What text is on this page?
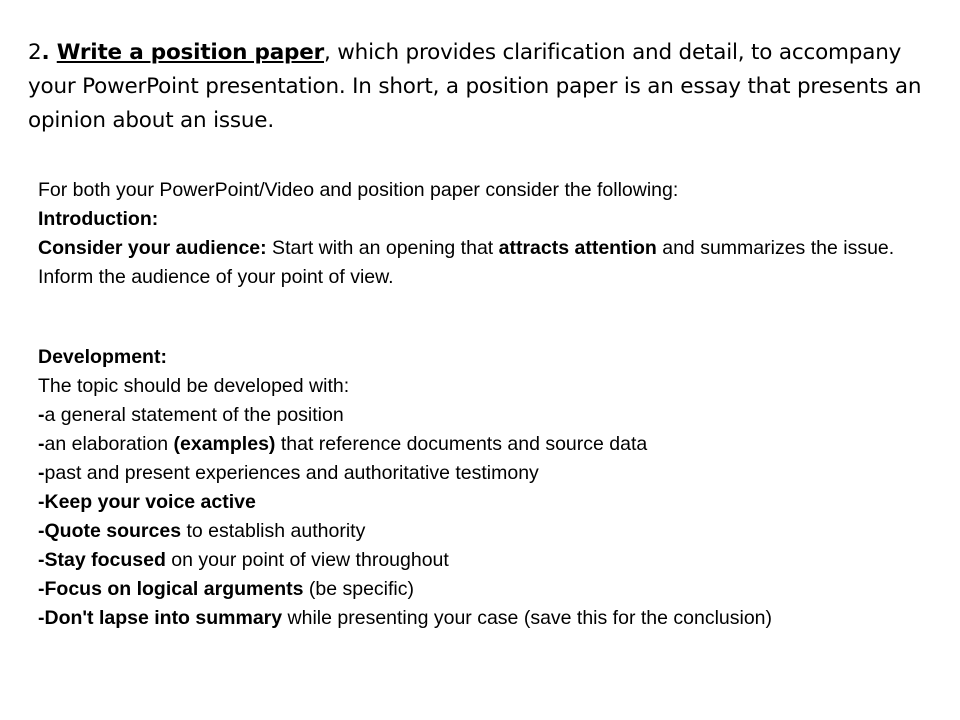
2. Write a position paper, which provides clarification and detail, to accompany your PowerPoint presentation. In short, a position paper is an essay that presents an opinion about an issue.

For both your PowerPoint/Video and position paper consider the following:

Introduction:

Consider your audience: Start with an opening that attracts attention and summarizes the issue. Inform the audience of your point of view.

Development:

The topic should be developed with:

-a general statement of the position

-an elaboration (examples) that reference documents and source data

-past and present experiences and authoritative testimony

-Keep your voice active

-Quote sources to establish authority

-Stay focused on your point of view throughout

-Focus on logical arguments (be specific)

-Don't lapse into summary while presenting your case (save this for the conclusion)
